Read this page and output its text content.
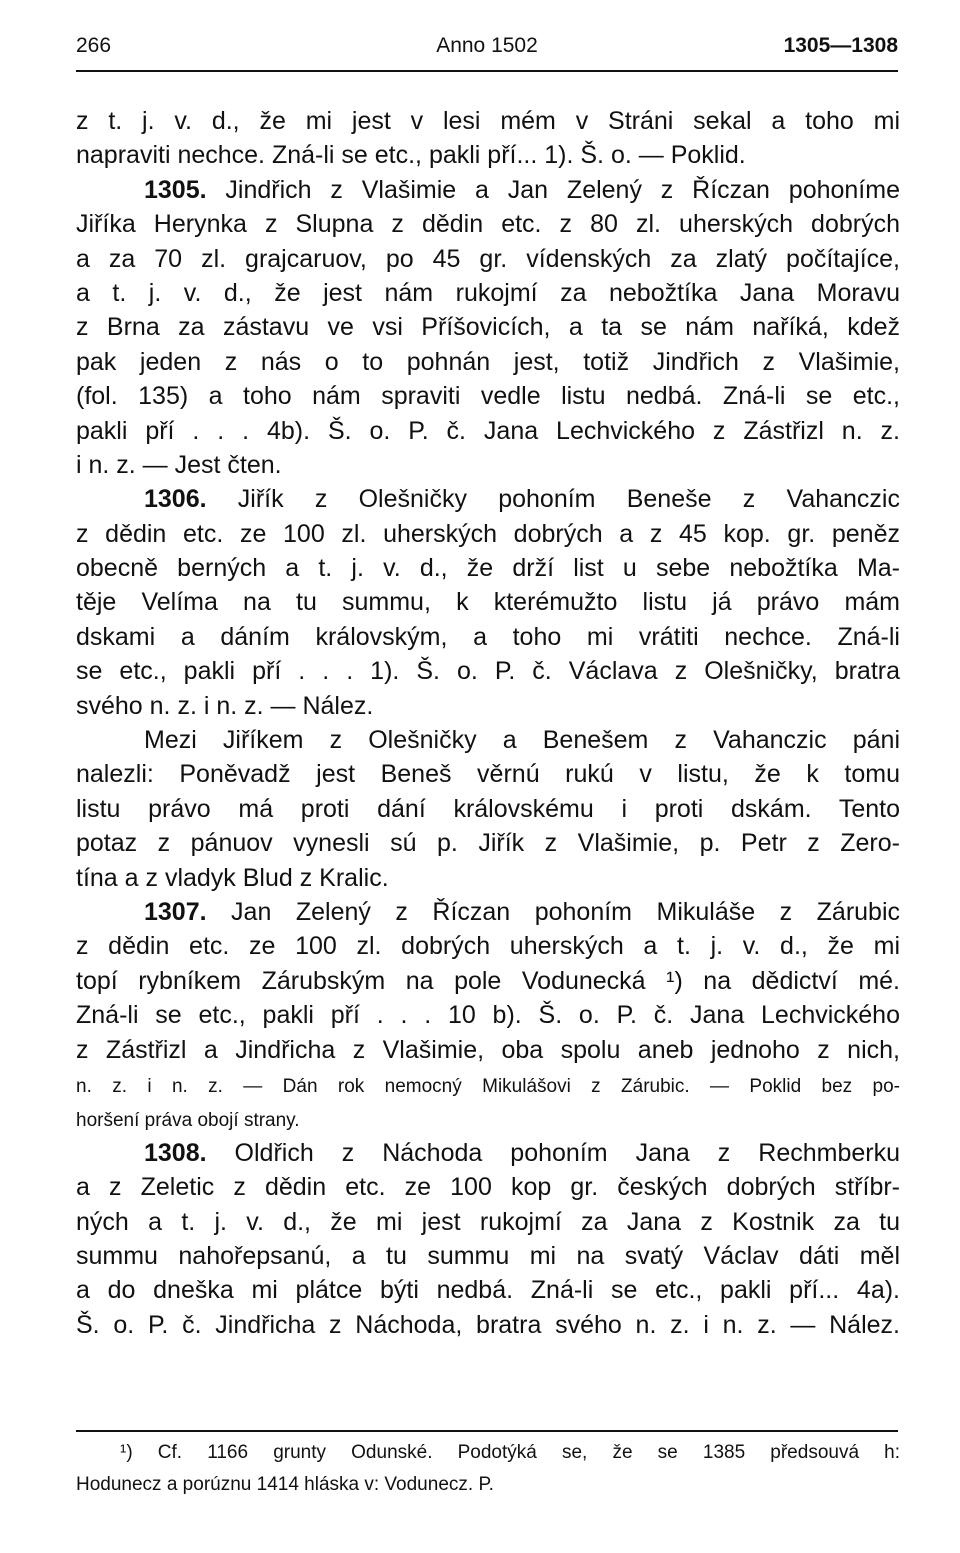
266	Anno 1502	1305—1308
z t. j. v. d., že mi jest v lesi mém v Stráni sekal a toho mi
napraviti nechce. Zná-li se etc., pakli pří... 1). Š. o. — Poklid.
1305. Jindřich z Vlašimie a Jan Zelený z Říczan pohoníme
Jiříka Herynka z Slupna z dědin etc. z 80 zl. uherských dobrých
a za 70 zl. grajcaruov, po 45 gr. vídenských za zlatý počítajíce,
a t. j. v. d., že jest nám rukojmí za nebožtíka Jana Moravu
z Brna za zástavu ve vsi Příšovicích, a ta se nám naříká, kdež
pak jeden z nás o to pohnán jest, totiž Jindřich z Vlašimie,
(fol. 135) a toho nám spraviti vedle listu nedbá. Zná-li se etc.,
pakli pří . . . 4b). Š. o. P. č. Jana Lechvického z Zástřizl n. z.
i n. z. — Jest čten.
1306. Jiřík z Olešničky pohoním Beneše z Vahanczic
z dědin etc. ze 100 zl. uherských dobrých a z 45 kop. gr. peněz
obecně berných a t. j. v. d., že drží list u sebe nebožtíka Ma-
těje Velíma na tu summu, k kterémužto listu já právo mám
dskami a dáním královským, a toho mi vrátiti nechce. Zná-li
se etc., pakli pří . . . 1). Š. o. P. č. Václava z Olešničky, bratra
svého n. z. i n. z. — Nález.
Mezi Jiříkem z Olešničky a Benešem z Vahanczic páni
nalezli: Poněvadž jest Beneš věrnú rukú v listu, že k tomu
listu právo má proti dání královskému i proti dskám. Tento
potaz z pánuov vynesli sú p. Jiřík z Vlašimie, p. Petr z Zero-
tína a z vladyk Blud z Kralic.
1307. Jan Zelený z Říczan pohoním Mikuláše z Zárubic
z dědin etc. ze 100 zl. dobrých uherských a t. j. v. d., že mi
topí rybníkem Zárubským na pole Vodunecká ¹) na dědictví mé.
Zná-li se etc., pakli pří . . . 10 b). Š. o. P. č. Jana Lechvického
z Zástřizl a Jindřicha z Vlašimie, oba spolu aneb jednoho z nich,
n. z. i n. z. — Dán rok nemocný Mikulášovi z Zárubic. — Poklid bez po-
horšení práva obojí strany.
1308. Oldřich z Náchoda pohoním Jana z Rechmberku
a z Zeletic z dědin etc. ze 100 kop gr. českých dobrých stříbr-
ných a t. j. v. d., že mi jest rukojmí za Jana z Kostnik za tu
summu nahořepsanú, a tu summu mi na svatý Václav dáti měl
a do dneška mi plátce býti nedbá. Zná-li se etc., pakli pří... 4a).
Š. o. P. č. Jindřicha z Náchoda, bratra svého n. z. i n. z. — Nález.
¹) Cf. 1166 grunty Odunské. Podotýká se, že se 1385 předsouvá h:
Hodunecz a porúznu 1414 hláska v: Vodunecz. P.
